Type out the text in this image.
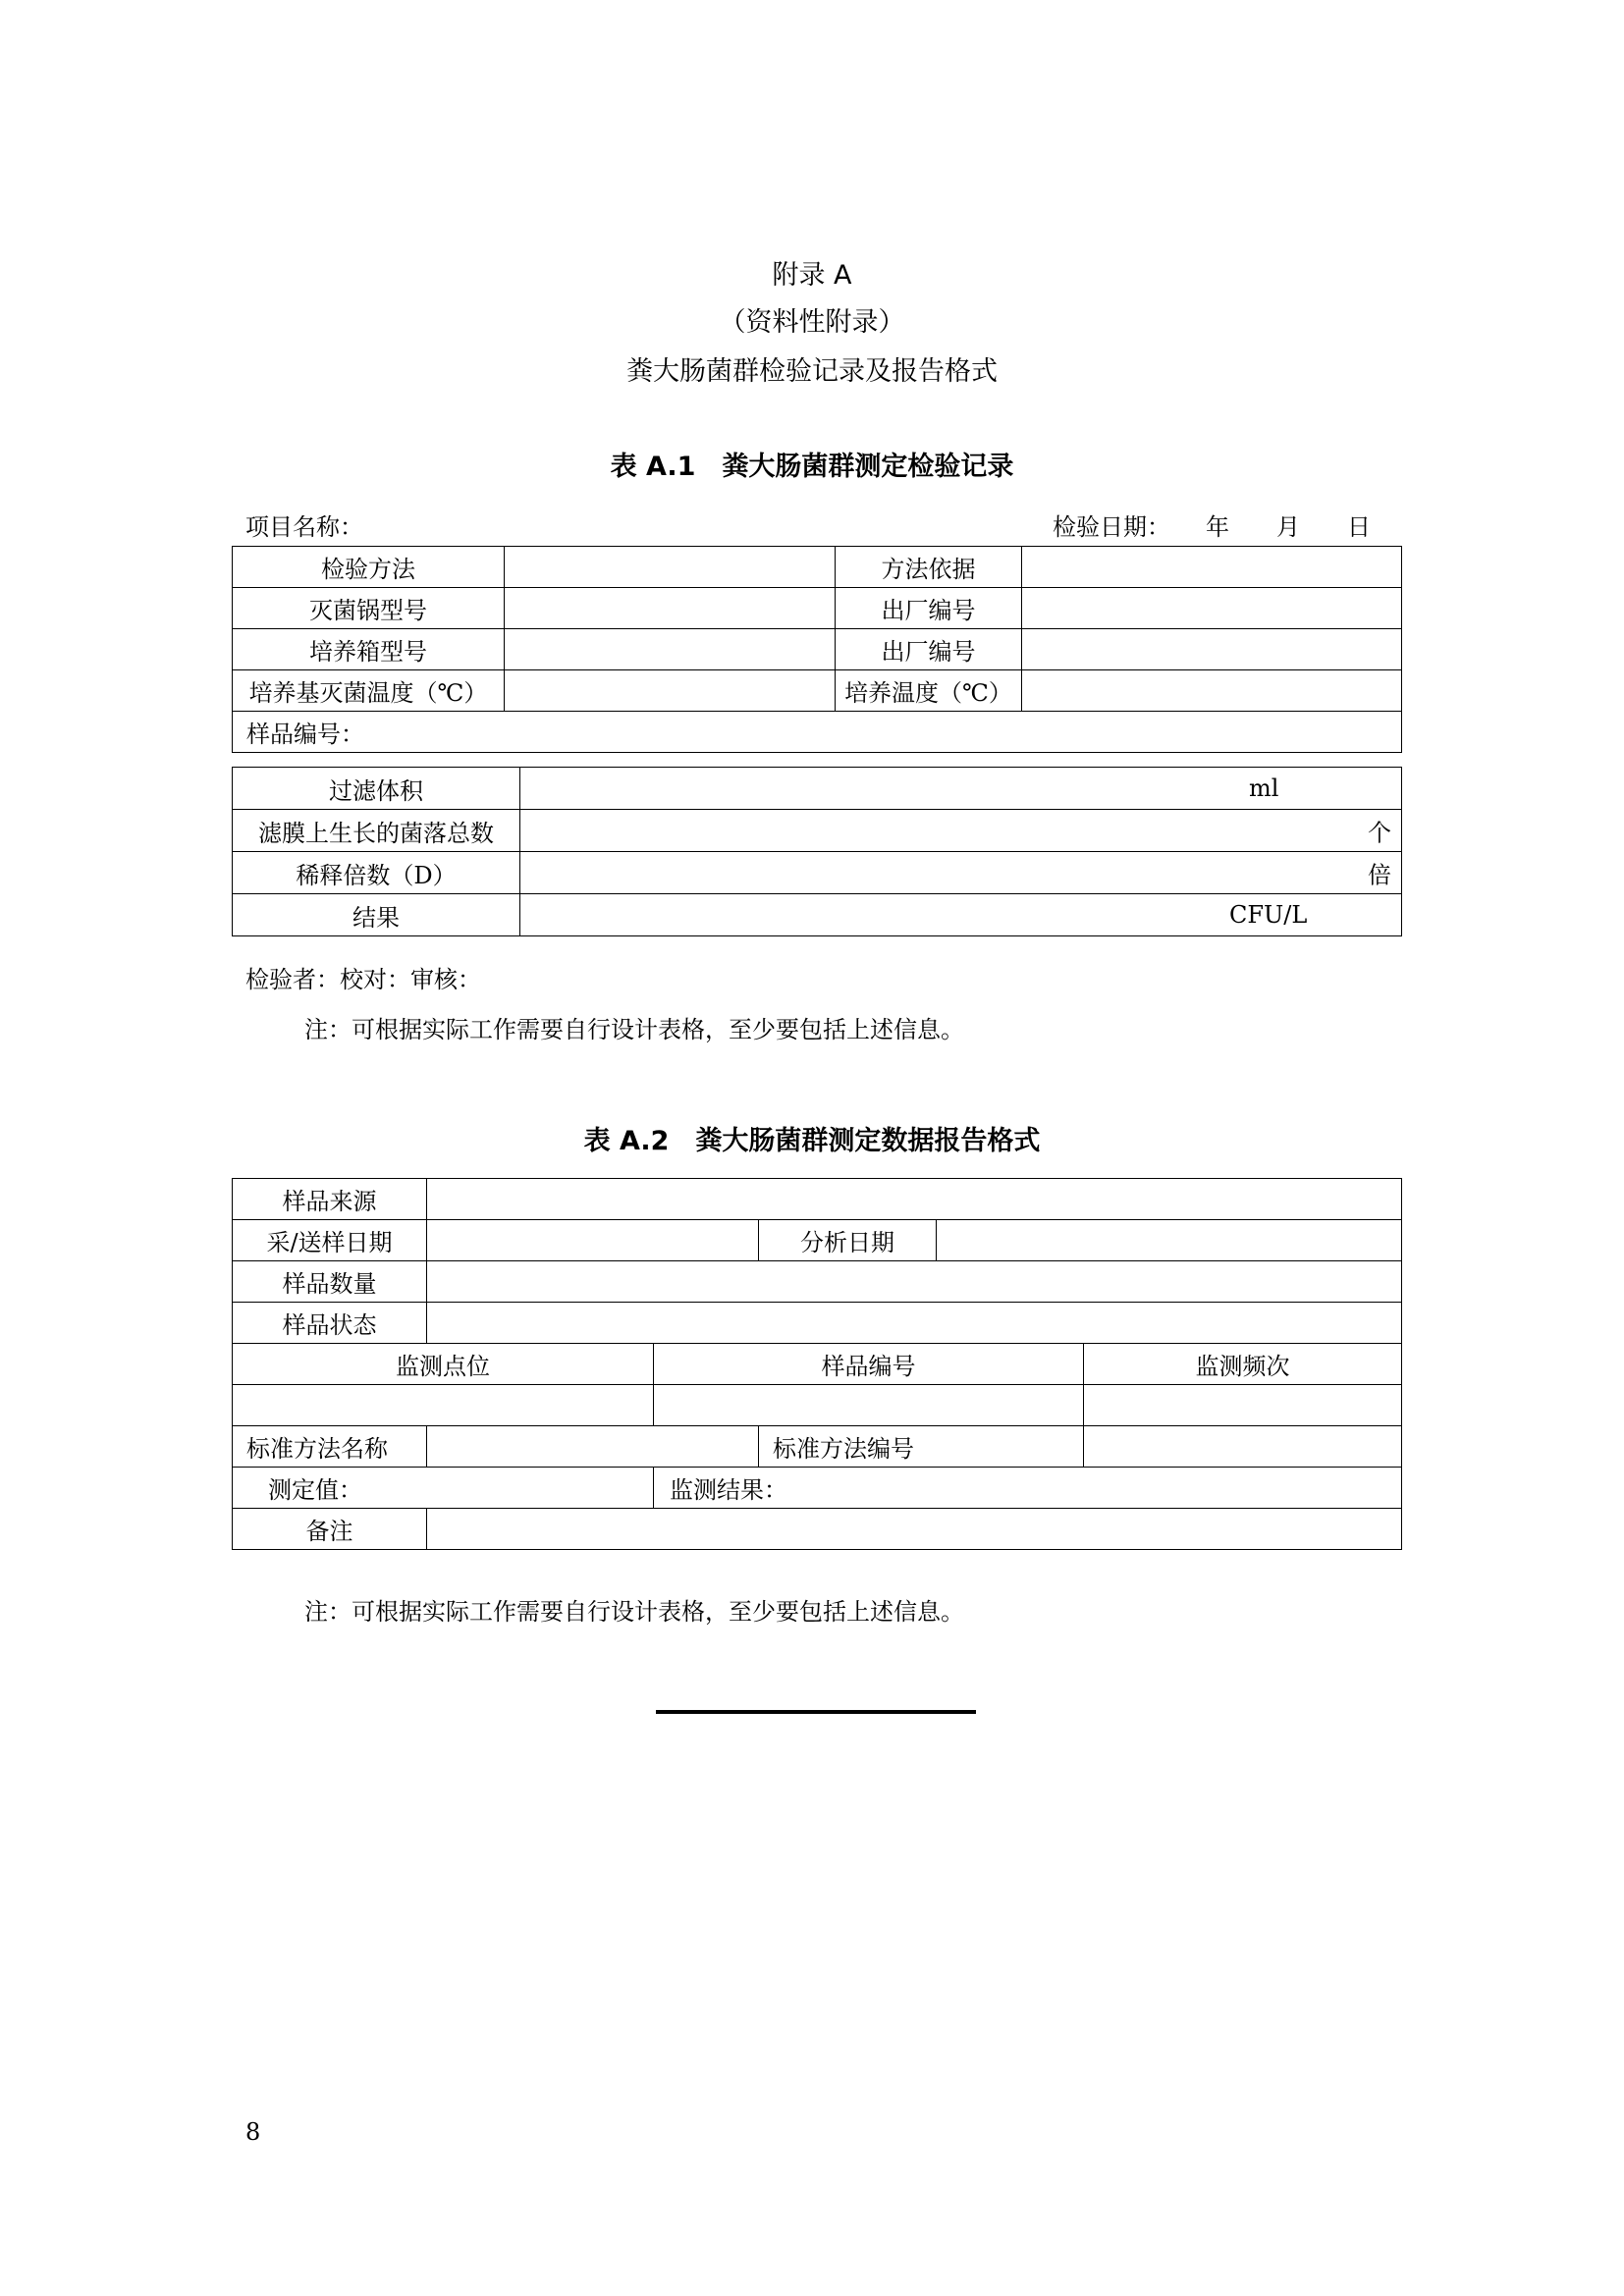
附录 A
（资料性附录）
粪大肠菌群检验记录及报告格式
表 A.1　粪大肠菌群测定检验记录
项目名称：	检验日期：　　年　　月　　日
检验方法		方法依据	
灭菌锅型号		出厂编号	
培养箱型号		出厂编号	
培养基灭菌温度（℃）		培养温度（℃）	
样品编号：			
过滤体积	ml

滤膜上生长的菌落总数	个

稀释倍数（D）	倍

结果	CFU/L
检验者：校对：审核：
注：可根据实际工作需要自行设计表格，至少要包括上述信息。
表 A.2　粪大肠菌群测定数据报告格式
样品来源					
采/送样日期			分析日期		
样品数量					
样品状态					
监测点位		样品编号			监测频次

标准方法名称			标准方法编号		
测定值：		监测结果：			
备注					
注：可根据实际工作需要自行设计表格，至少要包括上述信息。
8
